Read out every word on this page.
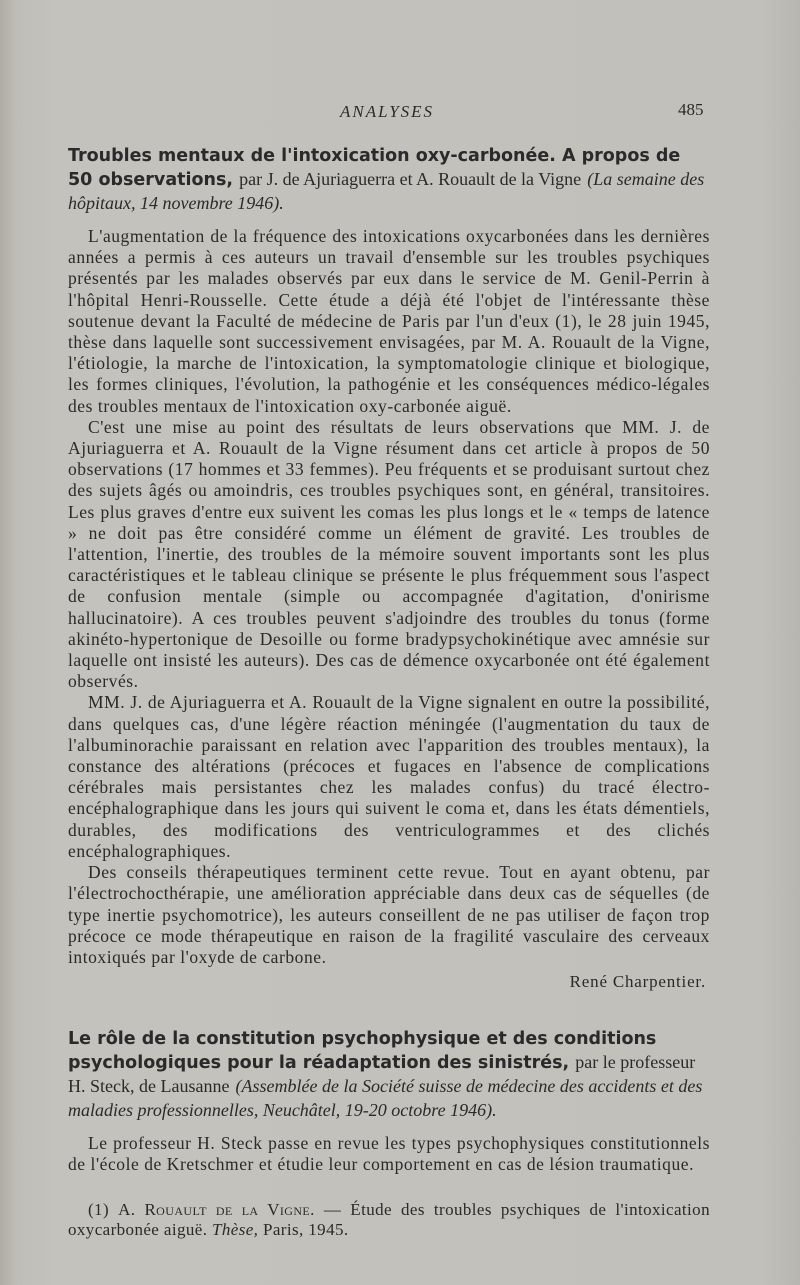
ANALYSES	485
Troubles mentaux de l'intoxication oxy-carbonée. A propos de 50 observations, par J. de Ajuriaguerra et A. Rouault de la Vigne (La semaine des hôpitaux, 14 novembre 1946).

L'augmentation de la fréquence des intoxications oxycarbonées dans les dernières années a permis à ces auteurs un travail d'ensemble sur les troubles psychiques présentés par les malades observés par eux dans le service de M. Genil-Perrin à l'hôpital Henri-Rousselle. Cette étude a déjà été l'objet de l'intéressante thèse soutenue devant la Faculté de médecine de Paris par l'un d'eux (1), le 28 juin 1945, thèse dans laquelle sont successivement envisagées, par M. A. Rouault de la Vigne, l'étiologie, la marche de l'intoxication, la symptomatologie clinique et biologique, les formes cliniques, l'évolution, la pathogénie et les conséquences médico-légales des troubles mentaux de l'intoxication oxy-carbonée aiguë.

C'est une mise au point des résultats de leurs observations que MM. J. de Ajuriaguerra et A. Rouault de la Vigne résument dans cet article à propos de 50 observations (17 hommes et 33 femmes). Peu fréquents et se produisant surtout chez des sujets âgés ou amoindris, ces troubles psychiques sont, en général, transitoires. Les plus graves d'entre eux suivent les comas les plus longs et le « temps de latence » ne doit pas être considéré comme un élément de gravité. Les troubles de l'attention, l'inertie, des troubles de la mémoire souvent importants sont les plus caractéristiques et le tableau clinique se présente le plus fréquemment sous l'aspect de confusion mentale (simple ou accompagnée d'agitation, d'onirisme hallucinatoire). A ces troubles peuvent s'adjoindre des troubles du tonus (forme akinéto-hypertonique de Desoille ou forme bradypsychokinétique avec amnésie sur laquelle ont insisté les auteurs). Des cas de démence oxycarbonée ont été également observés.

MM. J. de Ajuriaguerra et A. Rouault de la Vigne signalent en outre la possibilité, dans quelques cas, d'une légère réaction méningée (l'augmentation du taux de l'albuminorachie paraissant en relation avec l'apparition des troubles mentaux), la constance des altérations (précoces et fugaces en l'absence de complications cérébrales mais persistantes chez les malades confus) du tracé électro-encéphalographique dans les jours qui suivent le coma et, dans les états démentiels, durables, des modifications des ventriculogrammes et des clichés encéphalographiques.

Des conseils thérapeutiques terminent cette revue. Tout en ayant obtenu, par l'électrochocthérapie, une amélioration appréciable dans deux cas de séquelles (de type inertie psychomotrice), les auteurs conseillent de ne pas utiliser de façon trop précoce ce mode thérapeutique en raison de la fragilité vasculaire des cerveaux intoxiqués par l'oxyde de carbone.

René Charpentier.
Le rôle de la constitution psychophysique et des conditions psychologiques pour la réadaptation des sinistrés, par le professeur H. Steck, de Lausanne (Assemblée de la Société suisse de médecine des accidents et des maladies professionnelles, Neuchâtel, 19-20 octobre 1946).

Le professeur H. Steck passe en revue les types psychophysiques constitutionnels de l'école de Kretschmer et étudie leur comportement en cas de lésion traumatique.

(1) A. Rouault de la Vigne. — Étude des troubles psychiques de l'intoxication oxycarbonée aiguë. Thèse, Paris, 1945.
